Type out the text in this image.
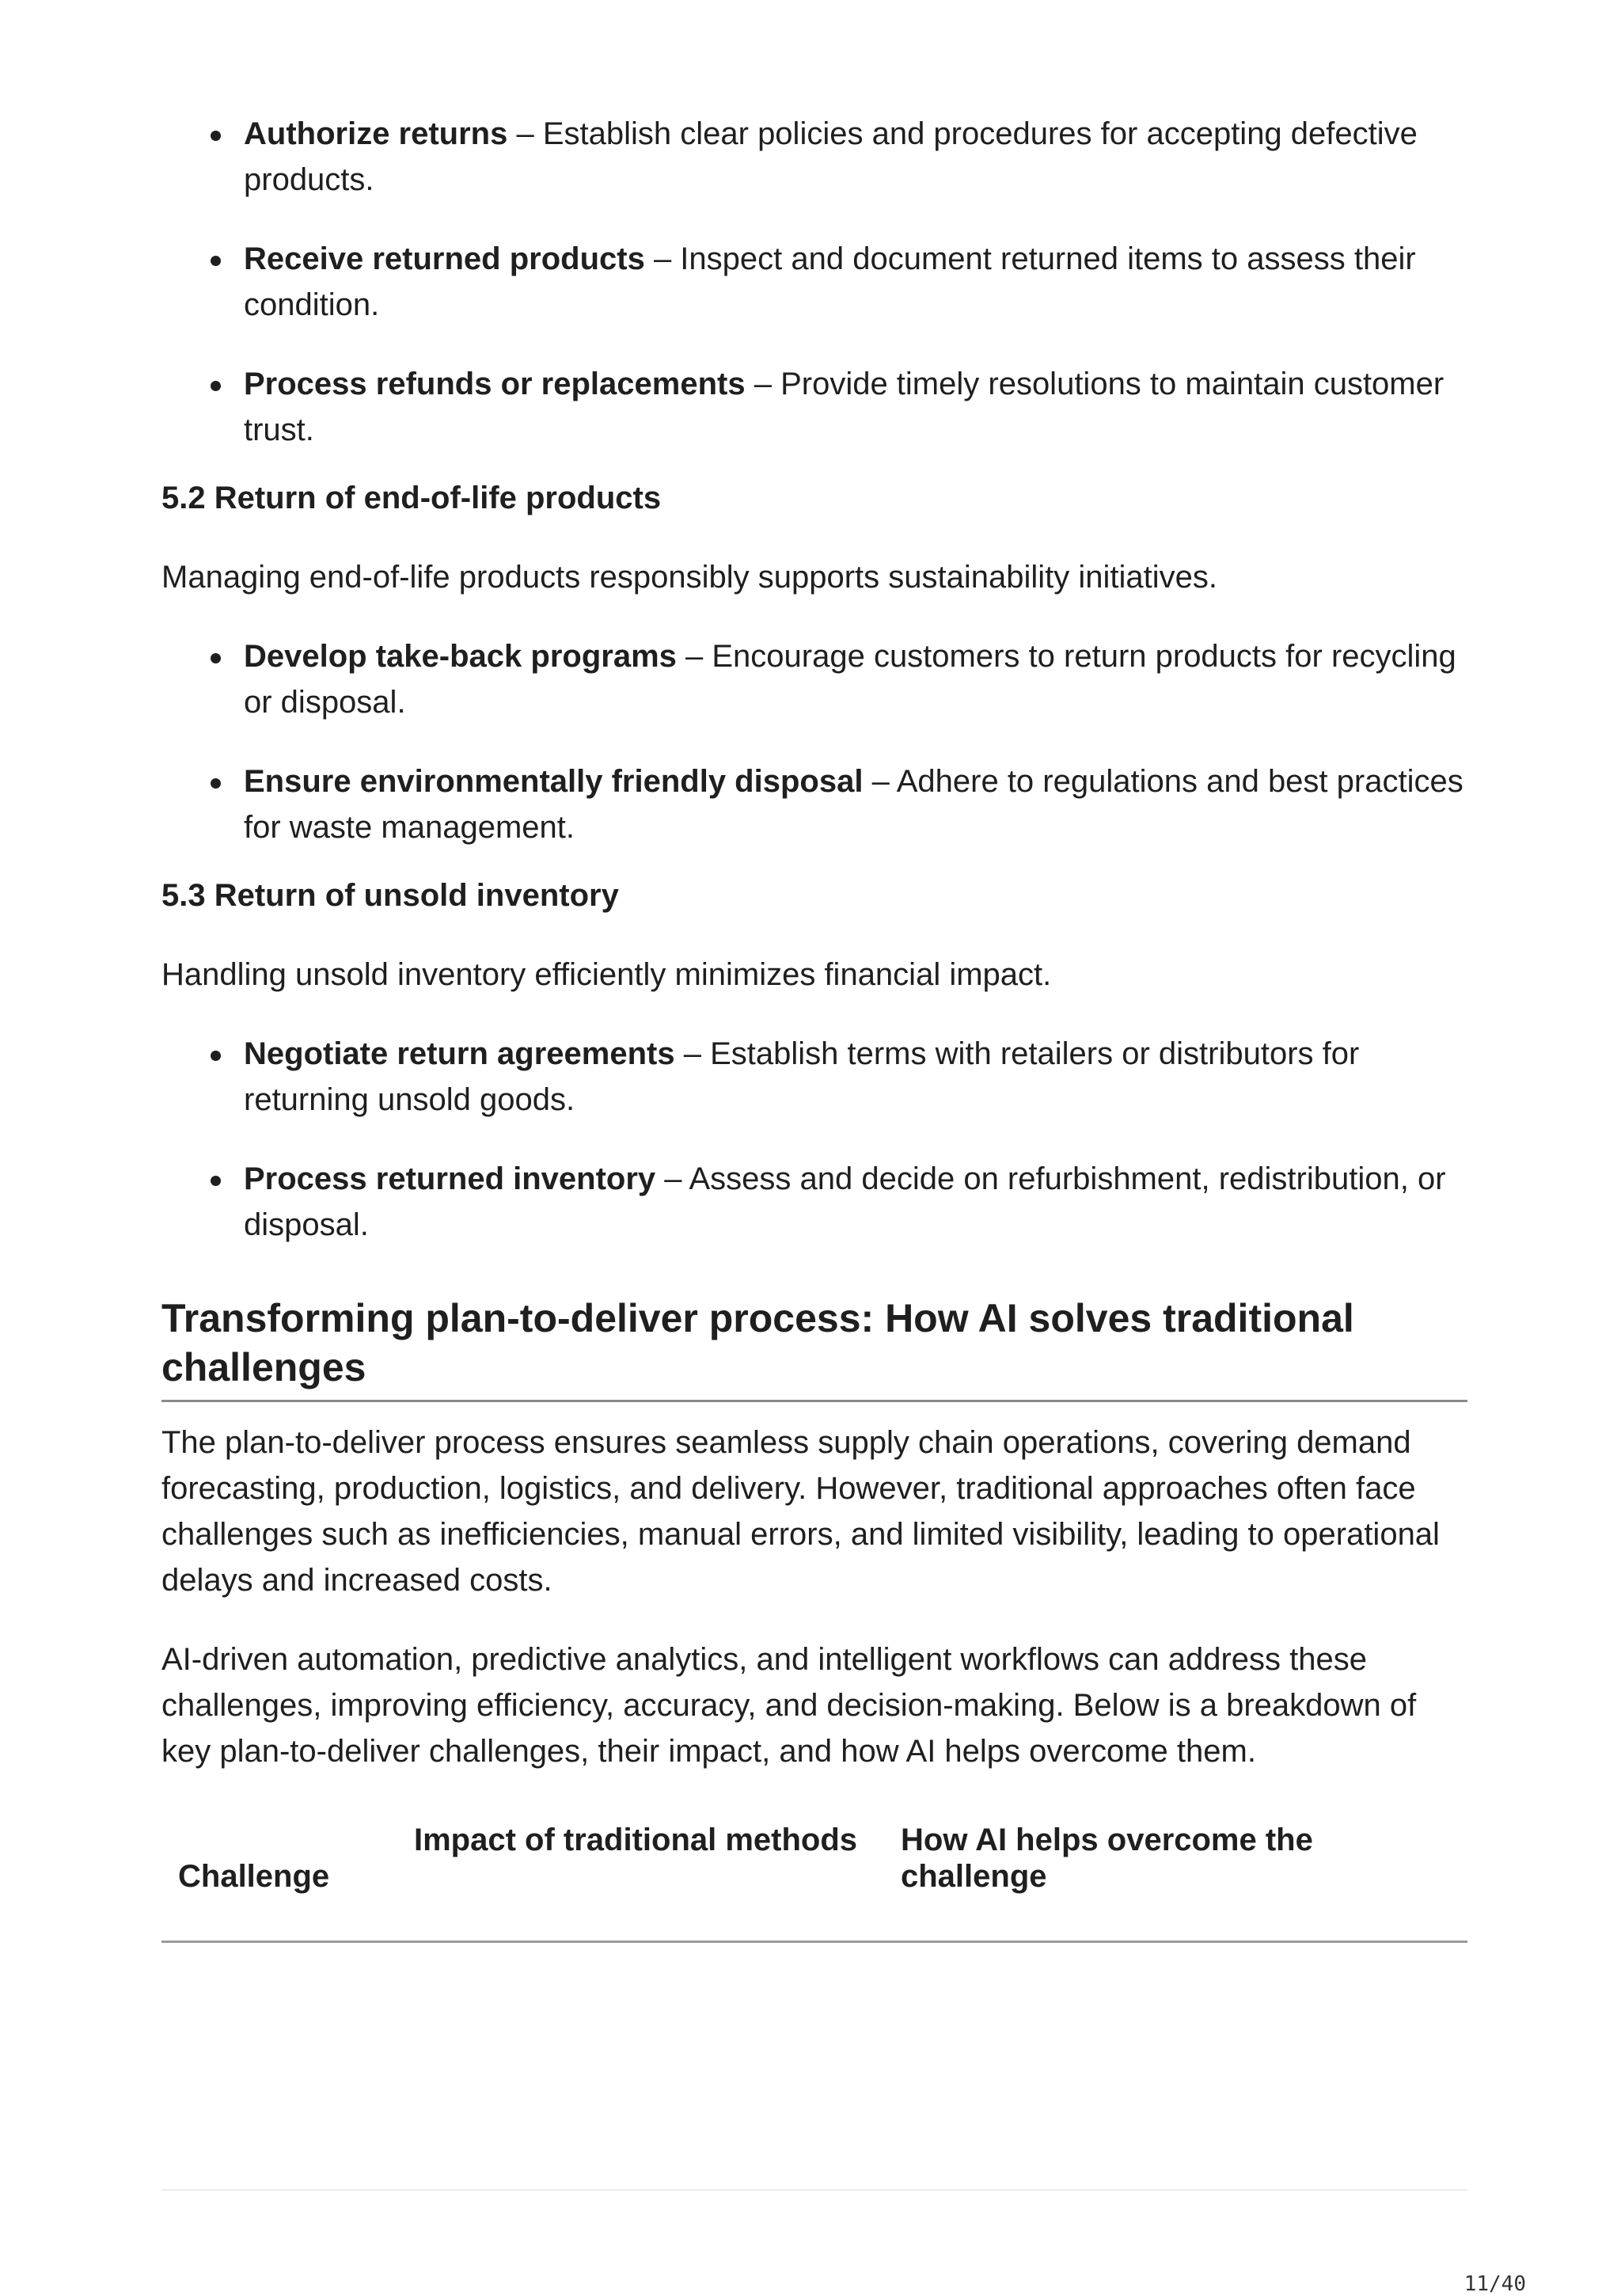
Authorize returns – Establish clear policies and procedures for accepting defective products.
Receive returned products – Inspect and document returned items to assess their condition.
Process refunds or replacements – Provide timely resolutions to maintain customer trust.
5.2 Return of end-of-life products
Managing end-of-life products responsibly supports sustainability initiatives.
Develop take-back programs – Encourage customers to return products for recycling or disposal.
Ensure environmentally friendly disposal – Adhere to regulations and best practices for waste management.
5.3 Return of unsold inventory
Handling unsold inventory efficiently minimizes financial impact.
Negotiate return agreements – Establish terms with retailers or distributors for returning unsold goods.
Process returned inventory – Assess and decide on refurbishment, redistribution, or disposal.
Transforming plan-to-deliver process: How AI solves traditional challenges
The plan-to-deliver process ensures seamless supply chain operations, covering demand forecasting, production, logistics, and delivery. However, traditional approaches often face challenges such as inefficiencies, manual errors, and limited visibility, leading to operational delays and increased costs.
AI-driven automation, predictive analytics, and intelligent workflows can address these challenges, improving efficiency, accuracy, and decision-making. Below is a breakdown of key plan-to-deliver challenges, their impact, and how AI helps overcome them.
Challenge
Impact of traditional methods	How AI helps overcome the challenge
11/40
